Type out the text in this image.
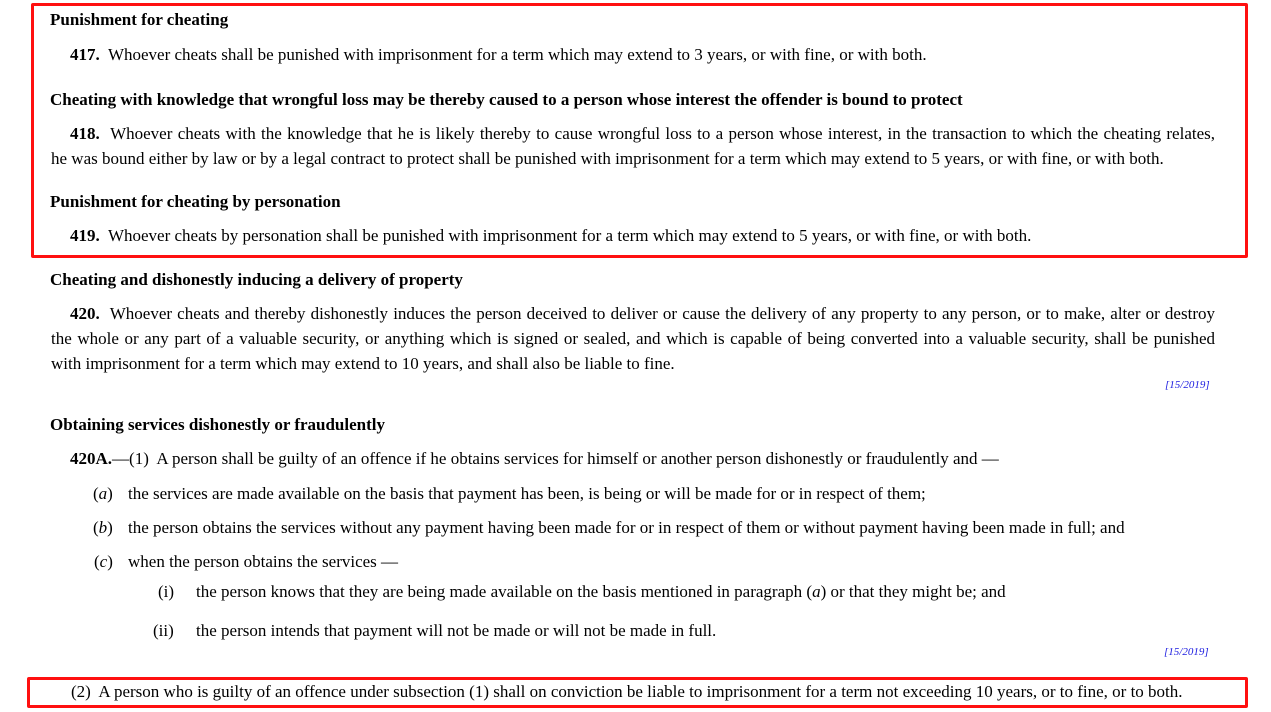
Punishment for cheating
417. Whoever cheats shall be punished with imprisonment for a term which may extend to 3 years, or with fine, or with both.
Cheating with knowledge that wrongful loss may be thereby caused to a person whose interest the offender is bound to protect
418. Whoever cheats with the knowledge that he is likely thereby to cause wrongful loss to a person whose interest, in the transaction to which the cheating relates,
he was bound either by law or by a legal contract to protect shall be punished with imprisonment for a term which may extend to 5 years, or with fine, or with both.
Punishment for cheating by personation
419. Whoever cheats by personation shall be punished with imprisonment for a term which may extend to 5 years, or with fine, or with both.
Cheating and dishonestly inducing a delivery of property
420. Whoever cheats and thereby dishonestly induces the person deceived to deliver or cause the delivery of any property to any person, or to make, alter or destroy
the whole or any part of a valuable security, or anything which is signed or sealed, and which is capable of being converted into a valuable security, shall be punished
with imprisonment for a term which may extend to 10 years, and shall also be liable to fine.
[15/2019]
Obtaining services dishonestly or fraudulently
420A.—(1) A person shall be guilty of an offence if he obtains services for himself or another person dishonestly or fraudulently and —
(a) the services are made available on the basis that payment has been, is being or will be made for or in respect of them;
(b) the person obtains the services without any payment having been made for or in respect of them or without payment having been made in full; and
(c) when the person obtains the services —
(i) the person knows that they are being made available on the basis mentioned in paragraph (a) or that they might be; and
(ii) the person intends that payment will not be made or will not be made in full.
[15/2019]
(2) A person who is guilty of an offence under subsection (1) shall on conviction be liable to imprisonment for a term not exceeding 10 years, or to fine, or to both.
